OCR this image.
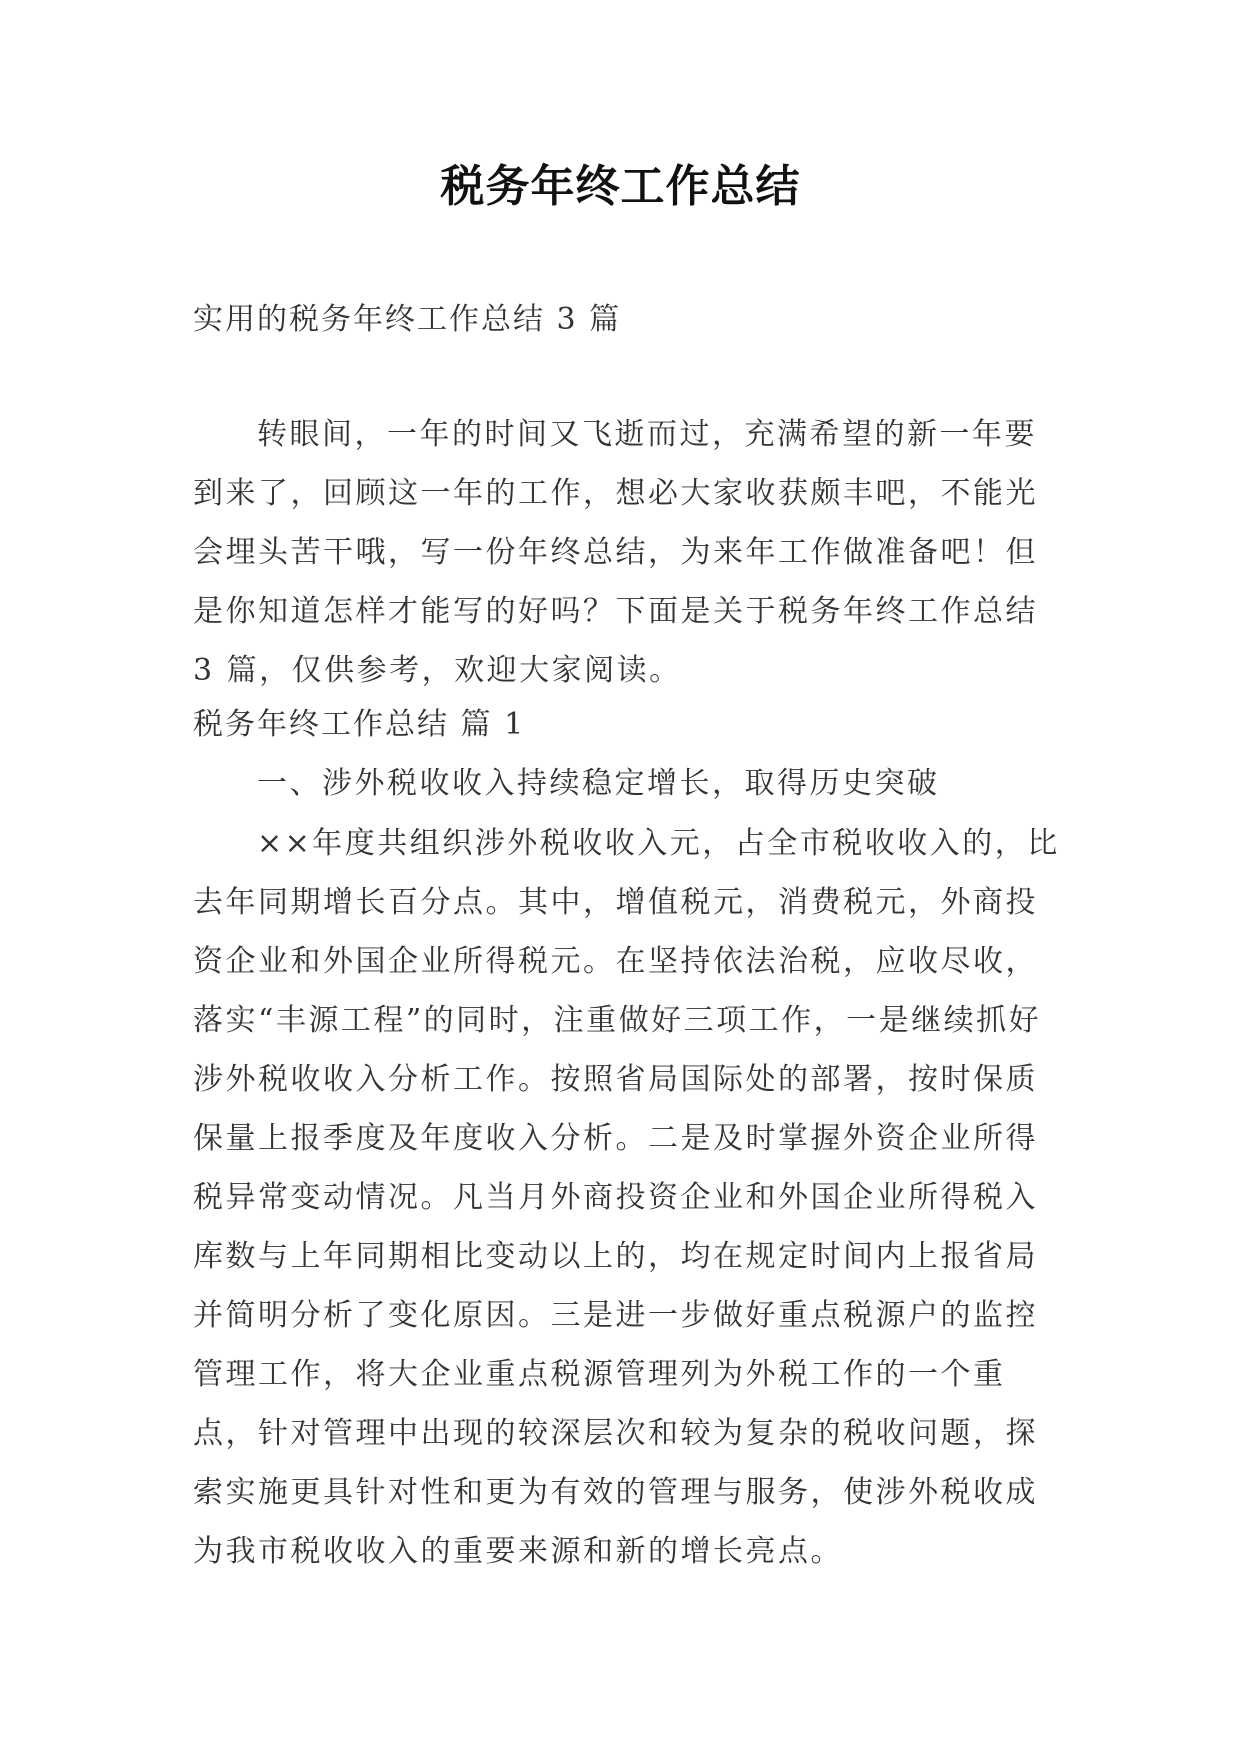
税务年终工作总结
实用的税务年终工作总结 3 篇

转眼间，一年的时间又飞逝而过，充满希望的新一年要到来了，回顾这一年的工作，想必大家收获颇丰吧，不能光会埋头苦干哦，写一份年终总结，为来年工作做准备吧！但是你知道怎样才能写的好吗？下面是关于税务年终工作总结 3 篇，仅供参考，欢迎大家阅读。

税务年终工作总结 篇 1
一、涉外税收收入持续稳定增长，取得历史突破

××年度共组织涉外税收收入元，占全市税收收入的，比去年同期增长百分点。其中，增值税元，消费税元，外商投资企业和外国企业所得税元。在坚持依法治税，应收尽收，落实“丰源工程”的同时，注重做好三项工作，一是继续抓好涉外税收收入分析工作。按照省局国际处的部署，按时保质保量上报季度及年度收入分析。二是及时掌握外资企业所得税异常变动情况。凡当月外商投资企业和外国企业所得税入库数与上年同期相比变动以上的，均在规定时间内上报省局并简明分析了变化原因。三是进一步做好重点税源户的监控管理工作，将大企业重点税源管理列为外税工作的一个重点，针对管理中出现的较深层次和较为复杂的税收问题，探索实施更具针对性和更为有效的管理与服务，使涉外税收成为我市税收收入的重要来源和新的增长亮点。
